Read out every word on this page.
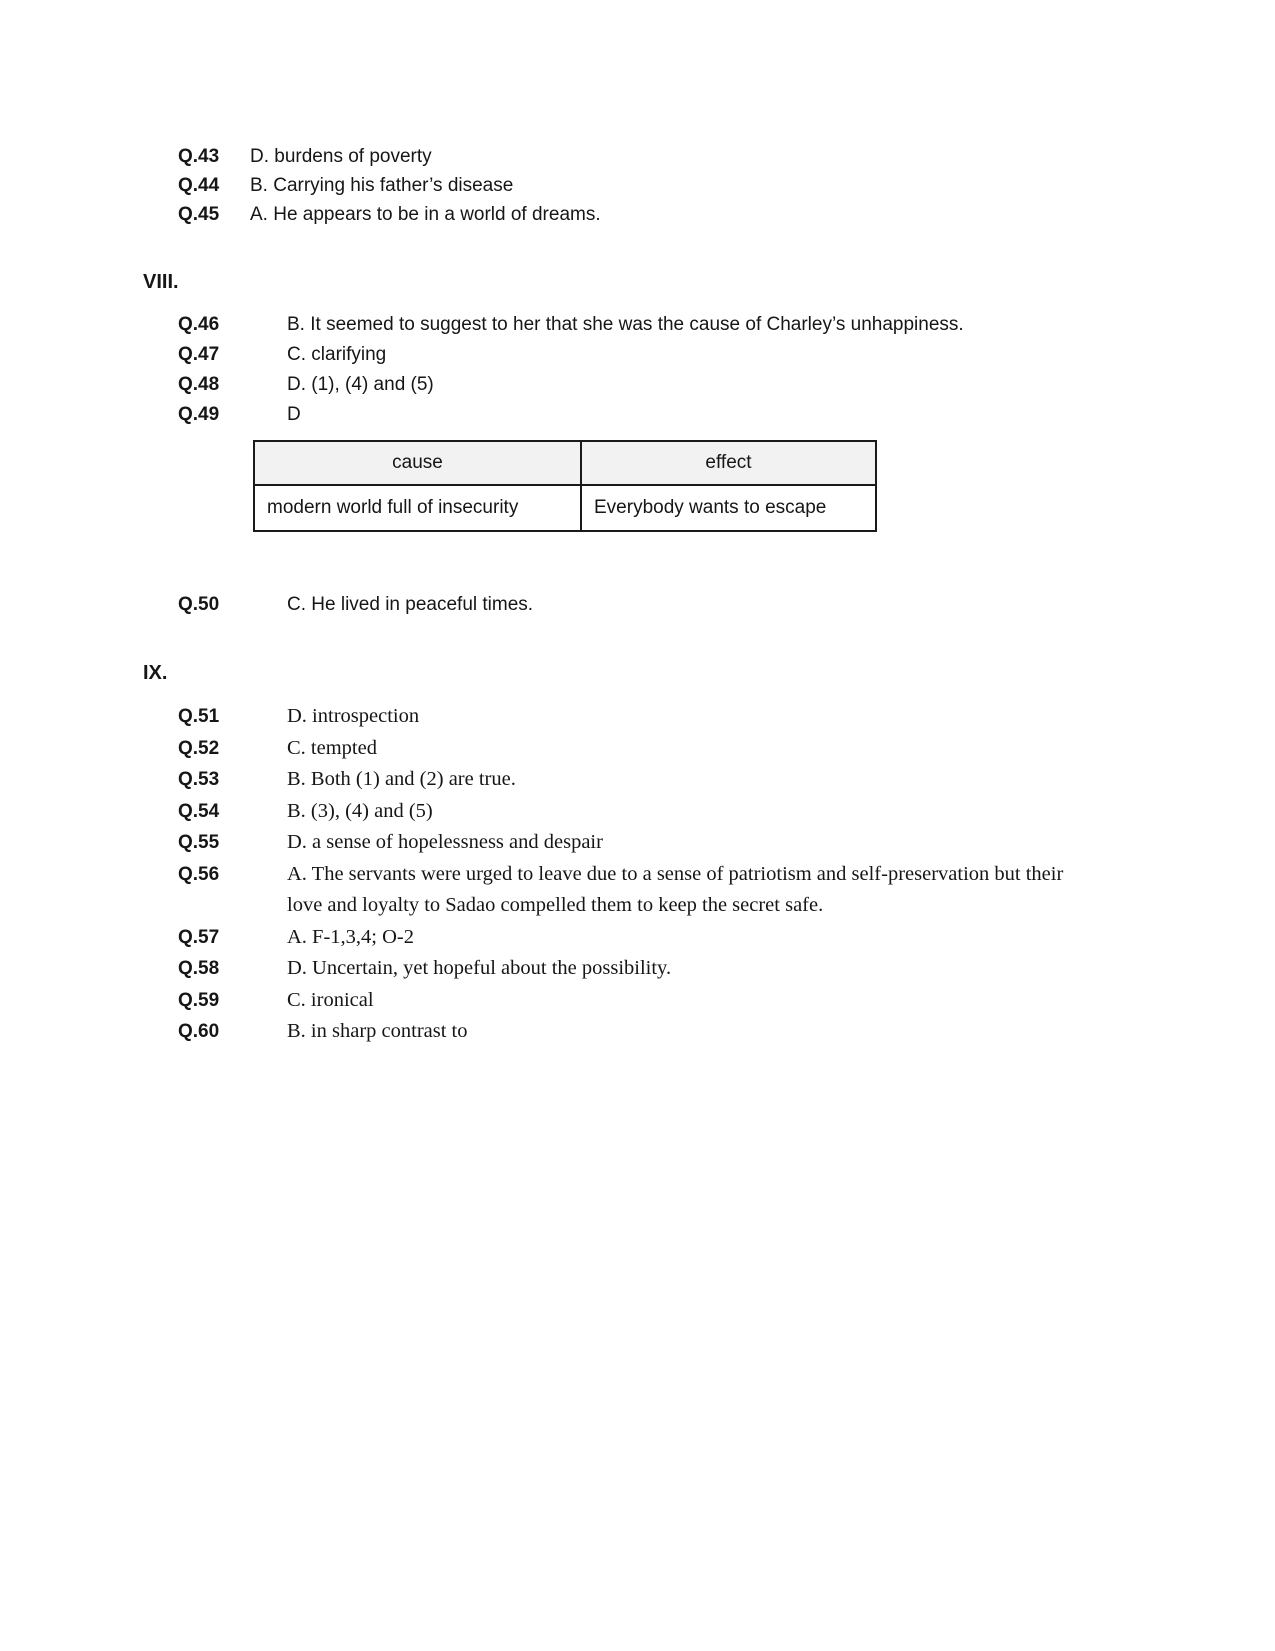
Q.43	D. burdens of poverty
Q.44	B. Carrying his father’s disease
Q.45	A. He appears to be in a world of dreams.
VIII.
Q.46	B. It seemed to suggest to her that she was the cause of Charley’s unhappiness.
Q.47	C. clarifying
Q.48	D. (1), (4) and (5)
Q.49	D
cause	effect
modern world full of insecurity	Everybody wants to escape
Q.50	C. He lived in peaceful times.
IX.
Q.51	D. introspection
Q.52	C. tempted
Q.53	B. Both (1) and (2) are true.
Q.54	B. (3), (4) and (5)
Q.55	D. a sense of hopelessness and despair
Q.56	A. The servants were urged to leave due to a sense of patriotism and self-preservation but their love and loyalty to Sadao compelled them to keep the secret safe.
Q.57	A. F-1,3,4; O-2
Q.58	D. Uncertain, yet hopeful about the possibility.
Q.59	C. ironical
Q.60	B. in sharp contrast to
